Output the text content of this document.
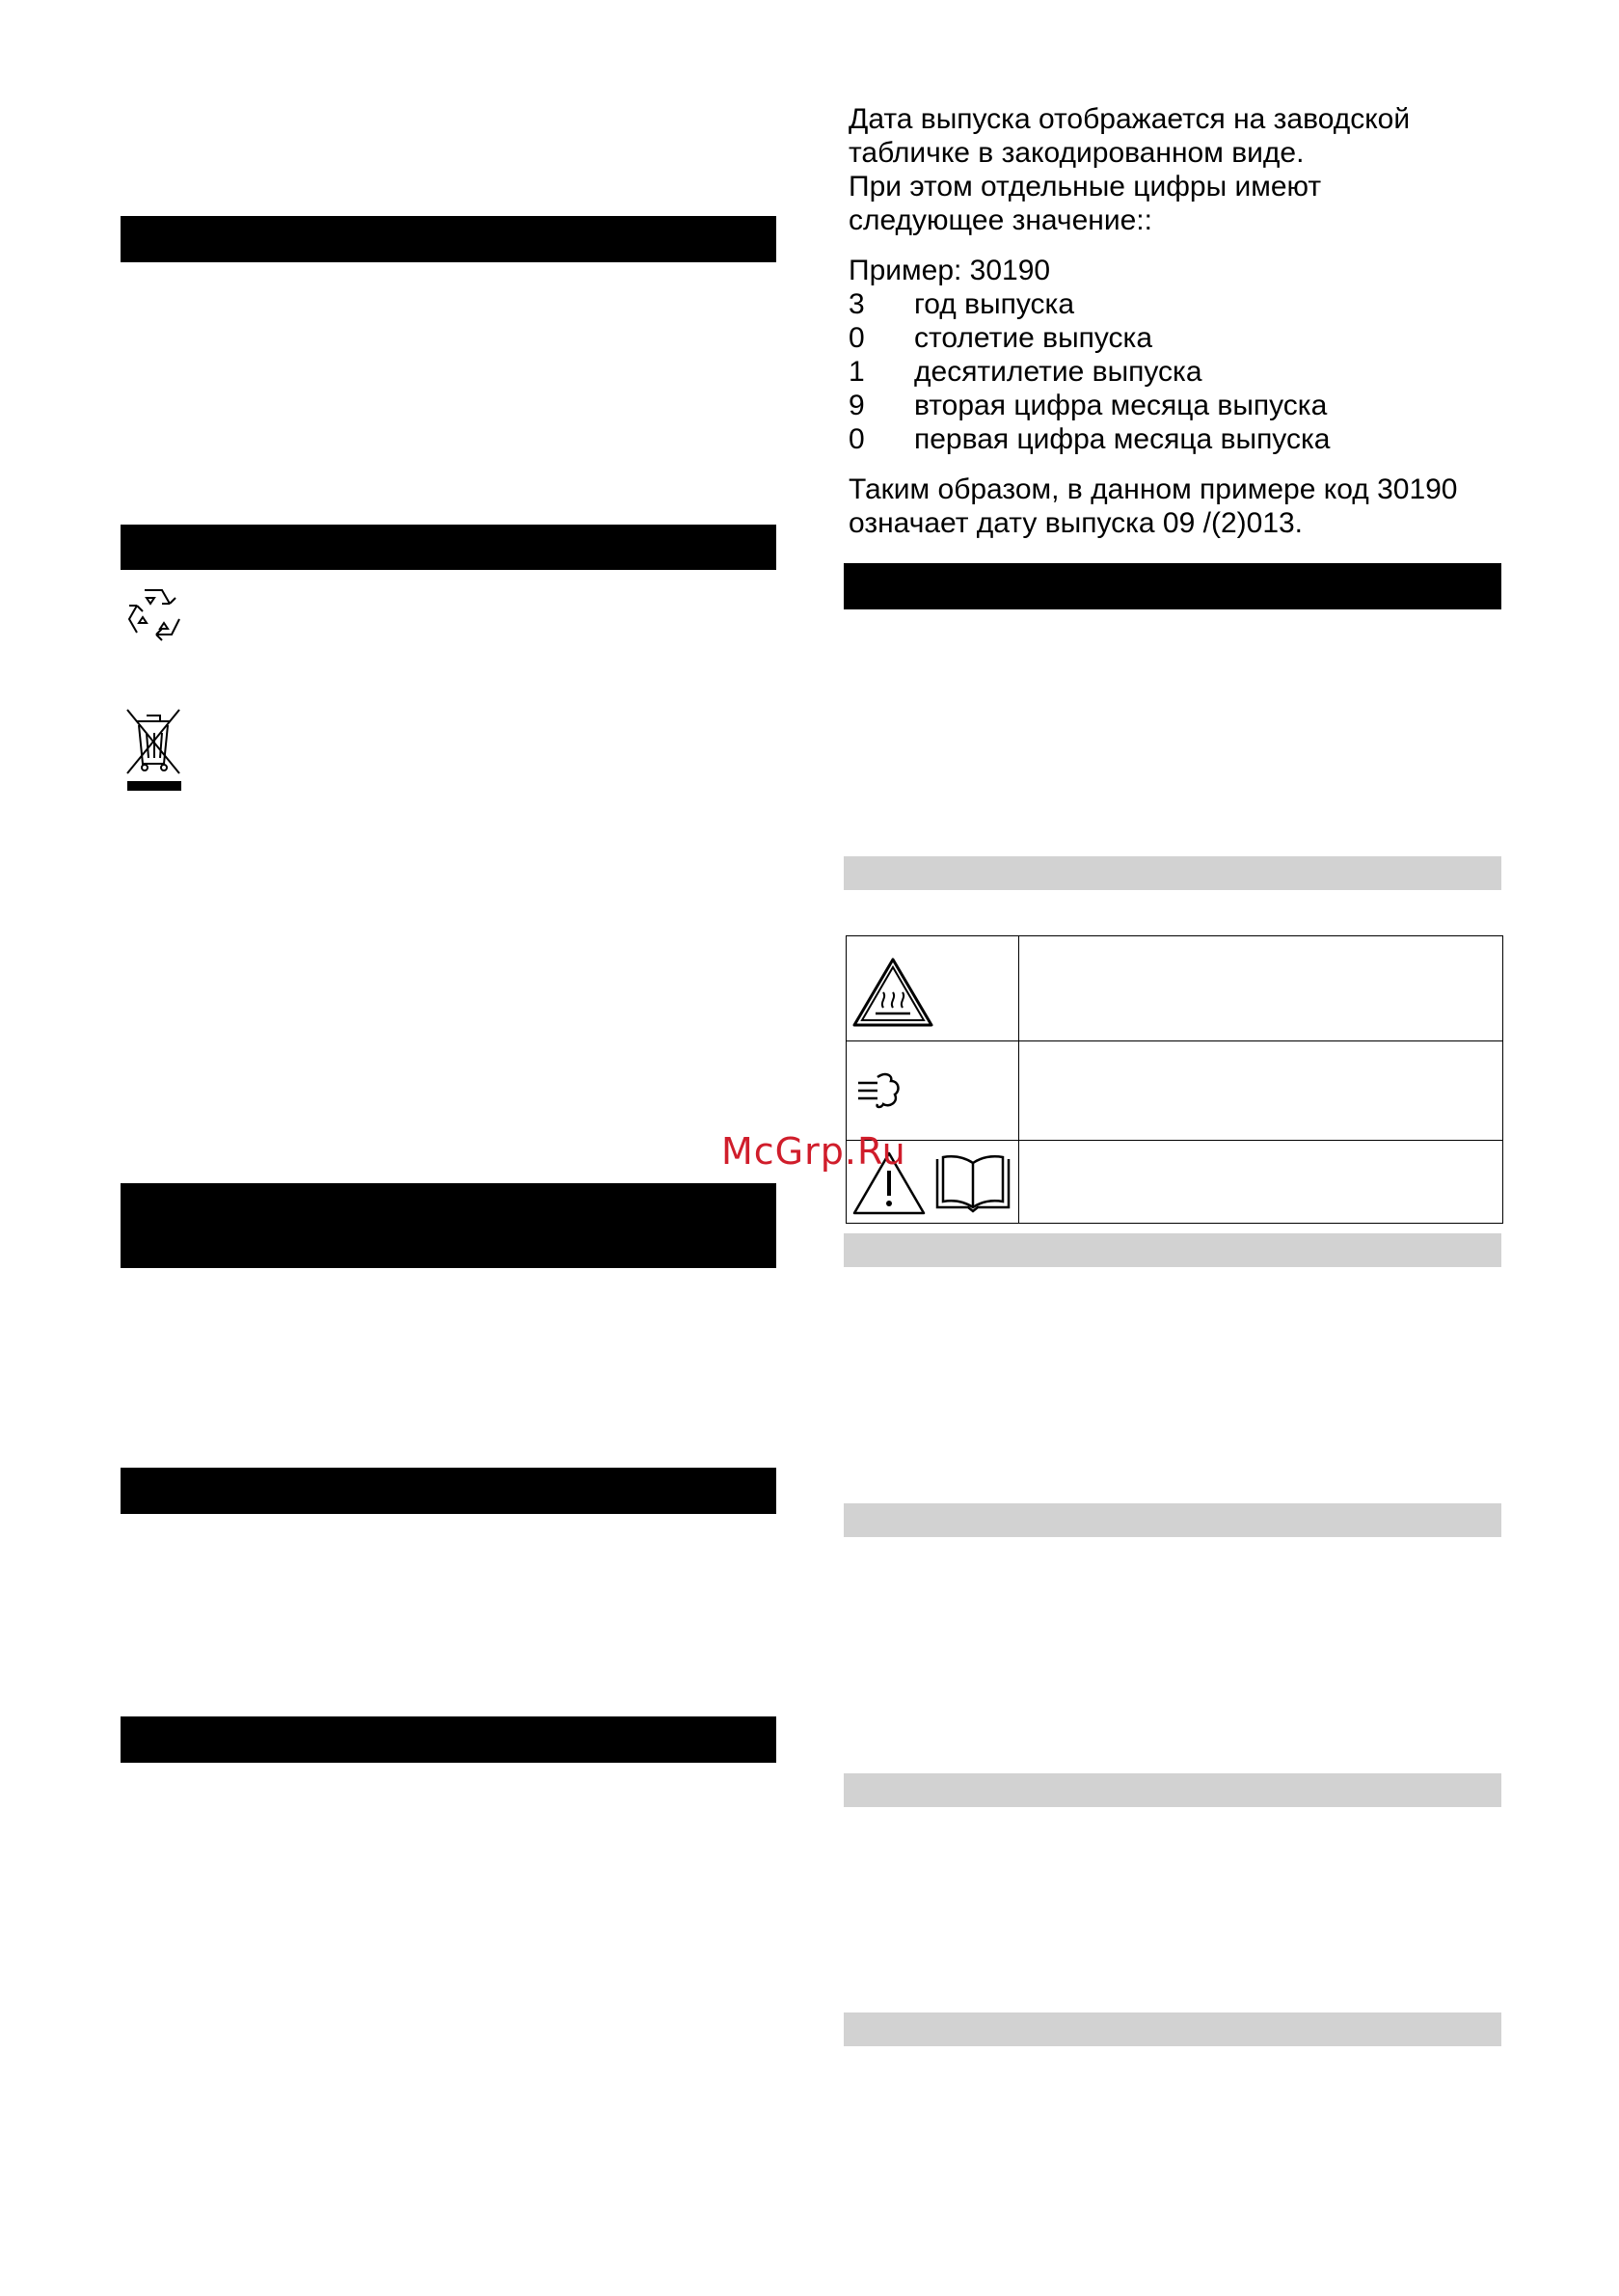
Дата выпуска отображается на заводской
табличке в закодированном виде.
При этом отдельные цифры имеют
следующее значение::
Пример: 30190
3 год выпуска
0 столетие выпуска
1 десятилетие выпуска
9 вторая цифра месяца выпуска
0 первая цифра месяца выпуска
Таким образом, в данном примере код 30190
означает дату выпуска 09 /(2)013.
McGrp.Ru
